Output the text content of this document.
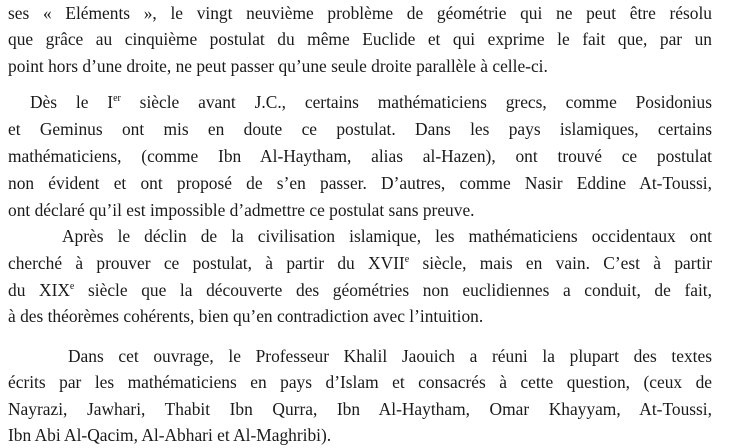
ses « Eléments », le vingt neuvième problème de géométrie qui ne peut être résolu
que grâce au cinquième postulat du même Euclide et qui exprime le fait que, par un
point hors d’une droite, ne peut passer qu’une seule droite parallèle à celle-ci.
Dès le Ier siècle avant J.C., certains mathématiciens grecs, comme Posidonius
et Geminus ont mis en doute ce postulat. Dans les pays islamiques, certains
mathématiciens, (comme Ibn Al-Haytham, alias al-Hazen), ont trouvé ce postulat
non évident et ont proposé de s’en passer. D’autres, comme Nasir Eddine At-Toussi,
ont déclaré qu’il est impossible d’admettre ce postulat sans preuve.
Après le déclin de la civilisation islamique, les mathématiciens occidentaux ont
cherché à prouver ce postulat, à partir du XVIIe siècle, mais en vain. C’est à partir
du XIXe siècle que la découverte des géométries non euclidiennes a conduit, de fait,
à des théorèmes cohérents, bien qu’en contradiction avec l’intuition.
Dans cet ouvrage, le Professeur Khalil Jaouich a réuni la plupart des textes
écrits par les mathématiciens en pays d’Islam et consacrés à cette question, (ceux de
Nayrazi, Jawhari, Thabit Ibn Qurra, Ibn Al-Haytham, Omar Khayyam, At-Toussi,
Ibn Abi Al-Qacim, Al-Abhari et Al-Maghribi).
